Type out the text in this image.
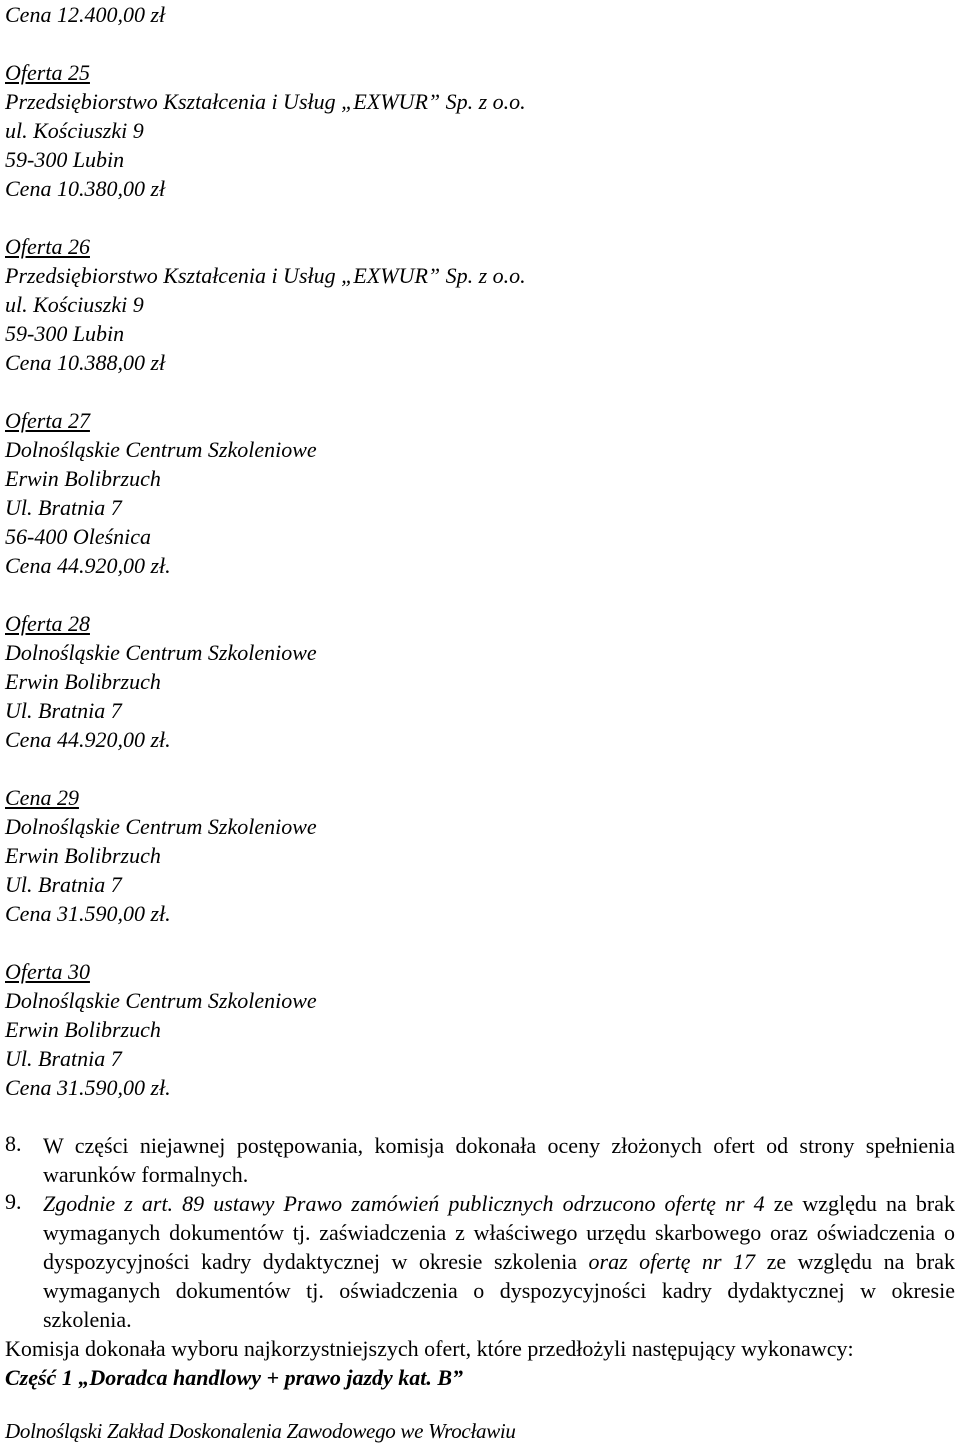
Cena 12.400,00 zł
Oferta 25
Przedsiębiorstwo Kształcenia i Usług „EXWUR” Sp. z o.o.
ul. Kościuszki 9
59-300 Lubin
Cena 10.380,00 zł
Oferta 26
Przedsiębiorstwo Kształcenia i Usług „EXWUR” Sp. z o.o.
ul. Kościuszki 9
59-300 Lubin
Cena 10.388,00 zł
Oferta 27
Dolnośląskie Centrum Szkoleniowe
Erwin Bolibrzuch
Ul. Bratnia 7
56-400 Oleśnica
Cena 44.920,00 zł.
Oferta 28
Dolnośląskie Centrum Szkoleniowe
Erwin Bolibrzuch
Ul. Bratnia 7
Cena 44.920,00 zł.
Cena 29
Dolnośląskie Centrum Szkoleniowe
Erwin Bolibrzuch
Ul. Bratnia 7
Cena 31.590,00 zł.
Oferta 30
Dolnośląskie Centrum Szkoleniowe
Erwin Bolibrzuch
Ul. Bratnia 7
Cena 31.590,00 zł.
8. W części niejawnej postępowania, komisja dokonała oceny złożonych ofert od strony spełnienia warunków formalnych.
9. Zgodnie z art. 89 ustawy Prawo zamówień publicznych odrzucono ofertę nr 4 ze względu na brak wymaganych dokumentów tj. zaświadczenia z właściwego urzędu skarbowego oraz oświadczenia o dyspozycyjności kadry dydaktycznej w okresie szkolenia oraz ofertę nr 17 ze względu na brak wymaganych dokumentów tj. oświadczenia o dyspozycyjności kadry dydaktycznej w okresie szkolenia.
Komisja dokonała wyboru najkorzystniejszych ofert, które przedłożyli następujący wykonawcy:
Część 1 „Doradca handlowy + prawo jazdy kat. B”
Dolnośląski Zakład Doskonalenia Zawodowego we Wrocławiu
